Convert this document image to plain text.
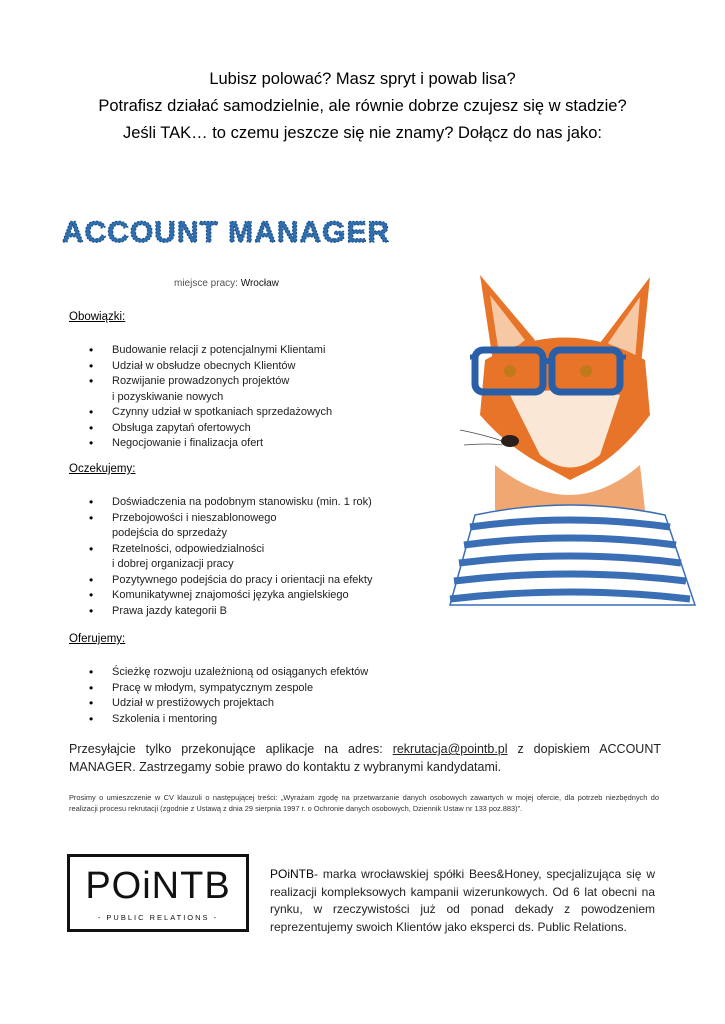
Lubisz polować? Masz spryt i powab lisa?

Potrafisz działać samodzielnie, ale równie dobrze czujesz się w stadzie?

Jeśli TAK… to czemu jeszcze się nie znamy? Dołącz do nas jako:

ACCOUNT MANAGER
miejsce pracy: Wrocław
Obowiązki:
• Budowanie relacji z potencjalnymi Klientami
• Udział w obsłudze obecnych Klientów
• Rozwijanie prowadzonych projektów
i pozyskiwanie nowych
• Czynny udział w spotkaniach sprzedażowych
• Obsługa zapytań ofertowych
• Negocjowanie i finalizacja ofert
Oczekujemy:
• Doświadczenia na podobnym stanowisku (min. 1 rok)
• Przebojowości i nieszablonowego
podejścia do sprzedaży
• Rzetelności, odpowiedzialności
i dobrej organizacji pracy
• Pozytywnego podejścia do pracy i orientacji na efekty
• Komunikatywnej znajomości języka angielskiego
• Prawa jazdy kategorii B
Oferujemy:
• Ścieżkę rozwoju uzależnioną od osiąganych efektów
• Pracę w młodym, sympatycznym zespole
• Udział w prestiżowych projektach
• Szkolenia i mentoring
Przesyłajcie tylko przekonujące aplikacje na adres: rekrutacja@pointb.pl z dopiskiem ACCOUNT MANAGER. Zastrzegamy sobie prawo do kontaktu z wybranymi kandydatami.
Prosimy o umieszczenie w CV klauzuli o następującej treści: „Wyrażam zgodę na przetwarzanie danych osobowych zawartych w mojej ofercie, dla potrzeb niezbędnych do realizacji procesu rekrutacji (zgodnie z Ustawą z dnia 29 sierpnia 1997 r. o Ochronie danych osobowych, Dziennik Ustaw nr 133 poz.883)”.
POiNTB
- PUBLIC RELATIONS -
POiNTB- marka wrocławskiej spółki Bees&Honey, specjalizująca się w realizacji kompleksowych kampanii wizerunkowych. Od 6 lat obecni na rynku, w rzeczywistości już od ponad dekady z powodzeniem reprezentujemy swoich Klientów jako eksperci ds. Public Relations.
